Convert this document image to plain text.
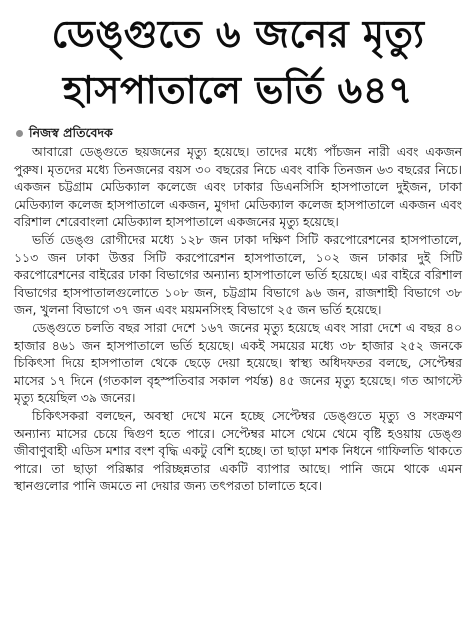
ডেঙ্গুতে ৬ জনের মৃত্যু
হাসপাতালে ভর্তি ৬৪৭
নিজস্ব প্রতিবেদক

আবারো ডেঙ্গুতে ছয়জনের মৃত্যু হয়েছে। তাদের মধ্যে পাঁচজন নারী এবং একজন পুরুষ। মৃতদের মধ্যে তিনজনের বয়স ৩০ বছরের নিচে এবং বাকি তিনজন ৬৩ বছরের নিচে। একজন চট্টগ্রাম মেডিক্যাল কলেজে এবং ঢাকার ডিএনসিসি হাসপাতালে দুইজন, ঢাকা মেডিক্যাল কলেজ হাসপাতালে একজন, মুগদা মেডিক্যাল কলেজ হাসপাতালে একজন এবং বরিশাল শেরেবাংলা মেডিক্যাল হাসপাতালে একজনের মৃত্যু হয়েছে।

ভর্তি ডেঙ্গু রোগীদের মধ্যে ১২৮ জন ঢাকা দক্ষিণ সিটি করপোরেশনের হাসপাতালে, ১১৩ জন ঢাকা উত্তর সিটি করপোরেশন হাসপাতালে, ১০২ জন ঢাকার দুই সিটি করপোরেশনের বাইরের ঢাকা বিভাগের অন্যান্য হাসপাতালে ভর্তি হয়েছে। এর বাইরে বরিশাল বিভাগের হাসপাতালগুলোতে ১০৮ জন, চট্টগ্রাম বিভাগে ৯৬ জন, রাজশাহী বিভাগে ৩৮ জন, খুলনা বিভাগে ৩৭ জন এবং ময়মনসিংহ বিভাগে ২৫ জন ভর্তি হয়েছে।

ডেঙ্গুতে চলতি বছর সারা দেশে ১৬৭ জনের মৃত্যু হয়েছে এবং সারা দেশে এ বছর ৪০ হাজার ৪৬১ জন হাসপাতালে ভর্তি হয়েছে। একই সময়ের মধ্যে ৩৮ হাজার ২৫২ জনকে চিকিৎসা দিয়ে হাসপাতাল থেকে ছেড়ে দেয়া হয়েছে। স্বাস্থ্য অধিদফতর বলছে, সেপ্টেম্বর মাসের ১৭ দিনে (গতকাল বৃহস্পতিবার সকাল পর্যন্ত) ৪৫ জনের মৃত্যু হয়েছে। গত আগস্টে মৃত্যু হয়েছিল ৩৯ জনের।

চিকিৎসকরা বলছেন, অবস্থা দেখে মনে হচ্ছে সেপ্টেম্বর ডেঙ্গুতে মৃত্যু ও সংক্রমণ অন্যান্য মাসের চেয়ে দ্বিগুণ হতে পারে। সেপ্টেম্বর মাসে থেমে থেমে বৃষ্টি হওয়ায় ডেঙ্গু জীবাণুবাহী এডিস মশার বংশ বৃদ্ধি একটু বেশি হচ্ছে। তা ছাড়া মশক নিধনে গাফিলতি থাকতে পারে। তা ছাড়া পরিষ্কার পরিচ্ছন্নতার একটি ব্যাপার আছে। পানি জমে থাকে এমন স্থানগুলোর পানি জমতে না দেয়ার জন্য তৎপরতা চালাতে হবে।
